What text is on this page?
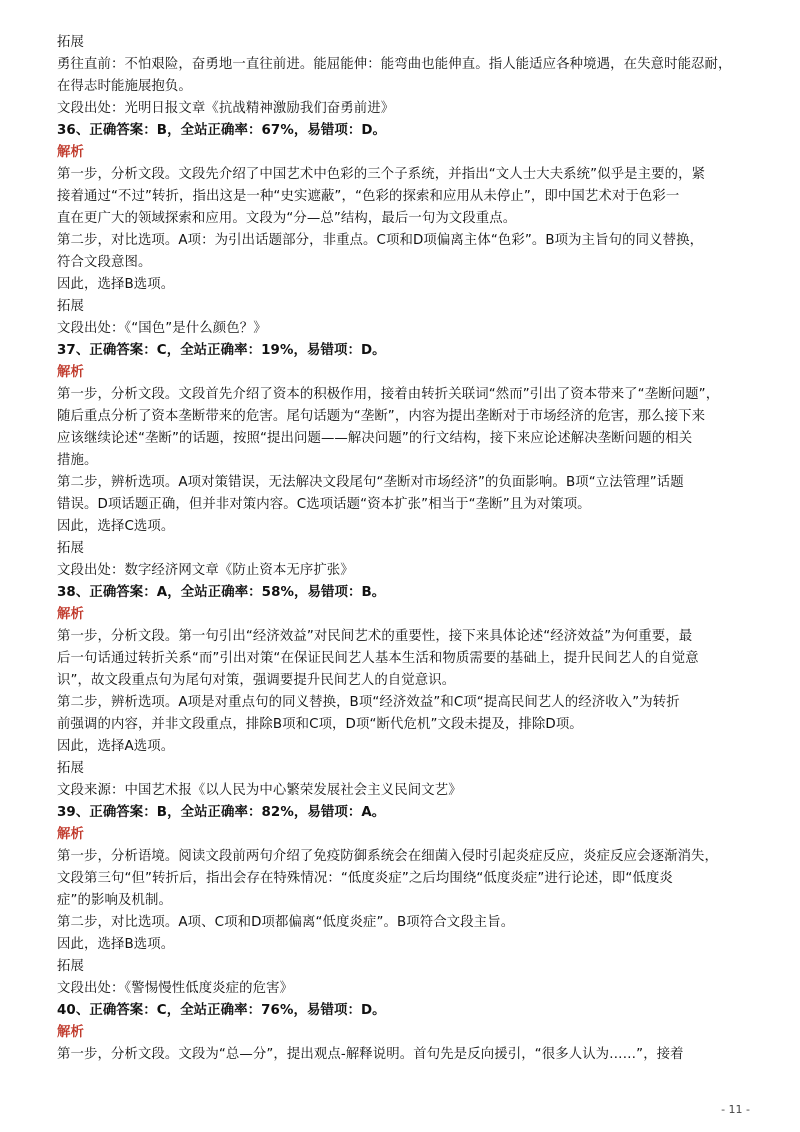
拓展
勇往直前：不怕艰险，奋勇地一直往前进。能屈能伸：能弯曲也能伸直。指人能适应各种境遇，在失意时能忍耐，
在得志时能施展抱负。
文段出处：光明日报文章《抗战精神激励我们奋勇前进》
36、正确答案：B，全站正确率：67%，易错项：D。
解析
第一步，分析文段。文段先介绍了中国艺术中色彩的三个子系统，并指出“文人士大夫系统”似乎是主要的，紧
接着通过“不过”转折，指出这是一种“史实遮蔽”，“色彩的探索和应用从未停止”，即中国艺术对于色彩一
直在更广大的领域探索和应用。文段为“分—总”结构，最后一句为文段重点。
第二步，对比选项。A项：为引出话题部分，非重点。C项和D项偏离主体“色彩”。B项为主旨句的同义替换，
符合文段意图。
因此，选择B选项。
拓展
文段出处：《“国色”是什么颜色？》
37、正确答案：C，全站正确率：19%，易错项：D。
解析
第一步，分析文段。文段首先介绍了资本的积极作用，接着由转折关联词“然而”引出了资本带来了“垄断问题”，
随后重点分析了资本垄断带来的危害。尾句话题为“垄断”，内容为提出垄断对于市场经济的危害，那么接下来
应该继续论述“垄断”的话题，按照“提出问题——解决问题”的行文结构，接下来应论述解决垄断问题的相关
措施。
第二步，辨析选项。A项对策错误，无法解决文段尾句“垄断对市场经济”的负面影响。B项“立法管理”话题
错误。D项话题正确，但并非对策内容。C选项话题“资本扩张”相当于“垄断”且为对策项。
因此，选择C选项。
拓展
文段出处：数字经济网文章《防止资本无序扩张》
38、正确答案：A，全站正确率：58%，易错项：B。
解析
第一步，分析文段。第一句引出“经济效益”对民间艺术的重要性，接下来具体论述“经济效益”为何重要，最
后一句话通过转折关系“而”引出对策“在保证民间艺人基本生活和物质需要的基础上，提升民间艺人的自觉意
识”，故文段重点句为尾句对策，强调要提升民间艺人的自觉意识。
第二步，辨析选项。A项是对重点句的同义替换，B项“经济效益”和C项“提高民间艺人的经济收入”为转折
前强调的内容，并非文段重点，排除B项和C项，D项“断代危机”文段未提及，排除D项。
因此，选择A选项。
拓展
文段来源：中国艺术报《以人民为中心繁荣发展社会主义民间文艺》
39、正确答案：B，全站正确率：82%，易错项：A。
解析
第一步，分析语境。阅读文段前两句介绍了免疫防御系统会在细菌入侵时引起炎症反应，炎症反应会逐渐消失，
文段第三句“但”转折后，指出会存在特殊情况：“低度炎症”之后均围绕“低度炎症”进行论述，即“低度炎
症”的影响及机制。
第二步，对比选项。A项、C项和D项都偏离“低度炎症”。B项符合文段主旨。
因此，选择B选项。
拓展
文段出处：《警惕慢性低度炎症的危害》
40、正确答案：C，全站正确率：76%，易错项：D。
解析
第一步，分析文段。文段为“总—分”，提出观点-解释说明。首句先是反向援引，“很多人认为……”，接着
- 11 -
